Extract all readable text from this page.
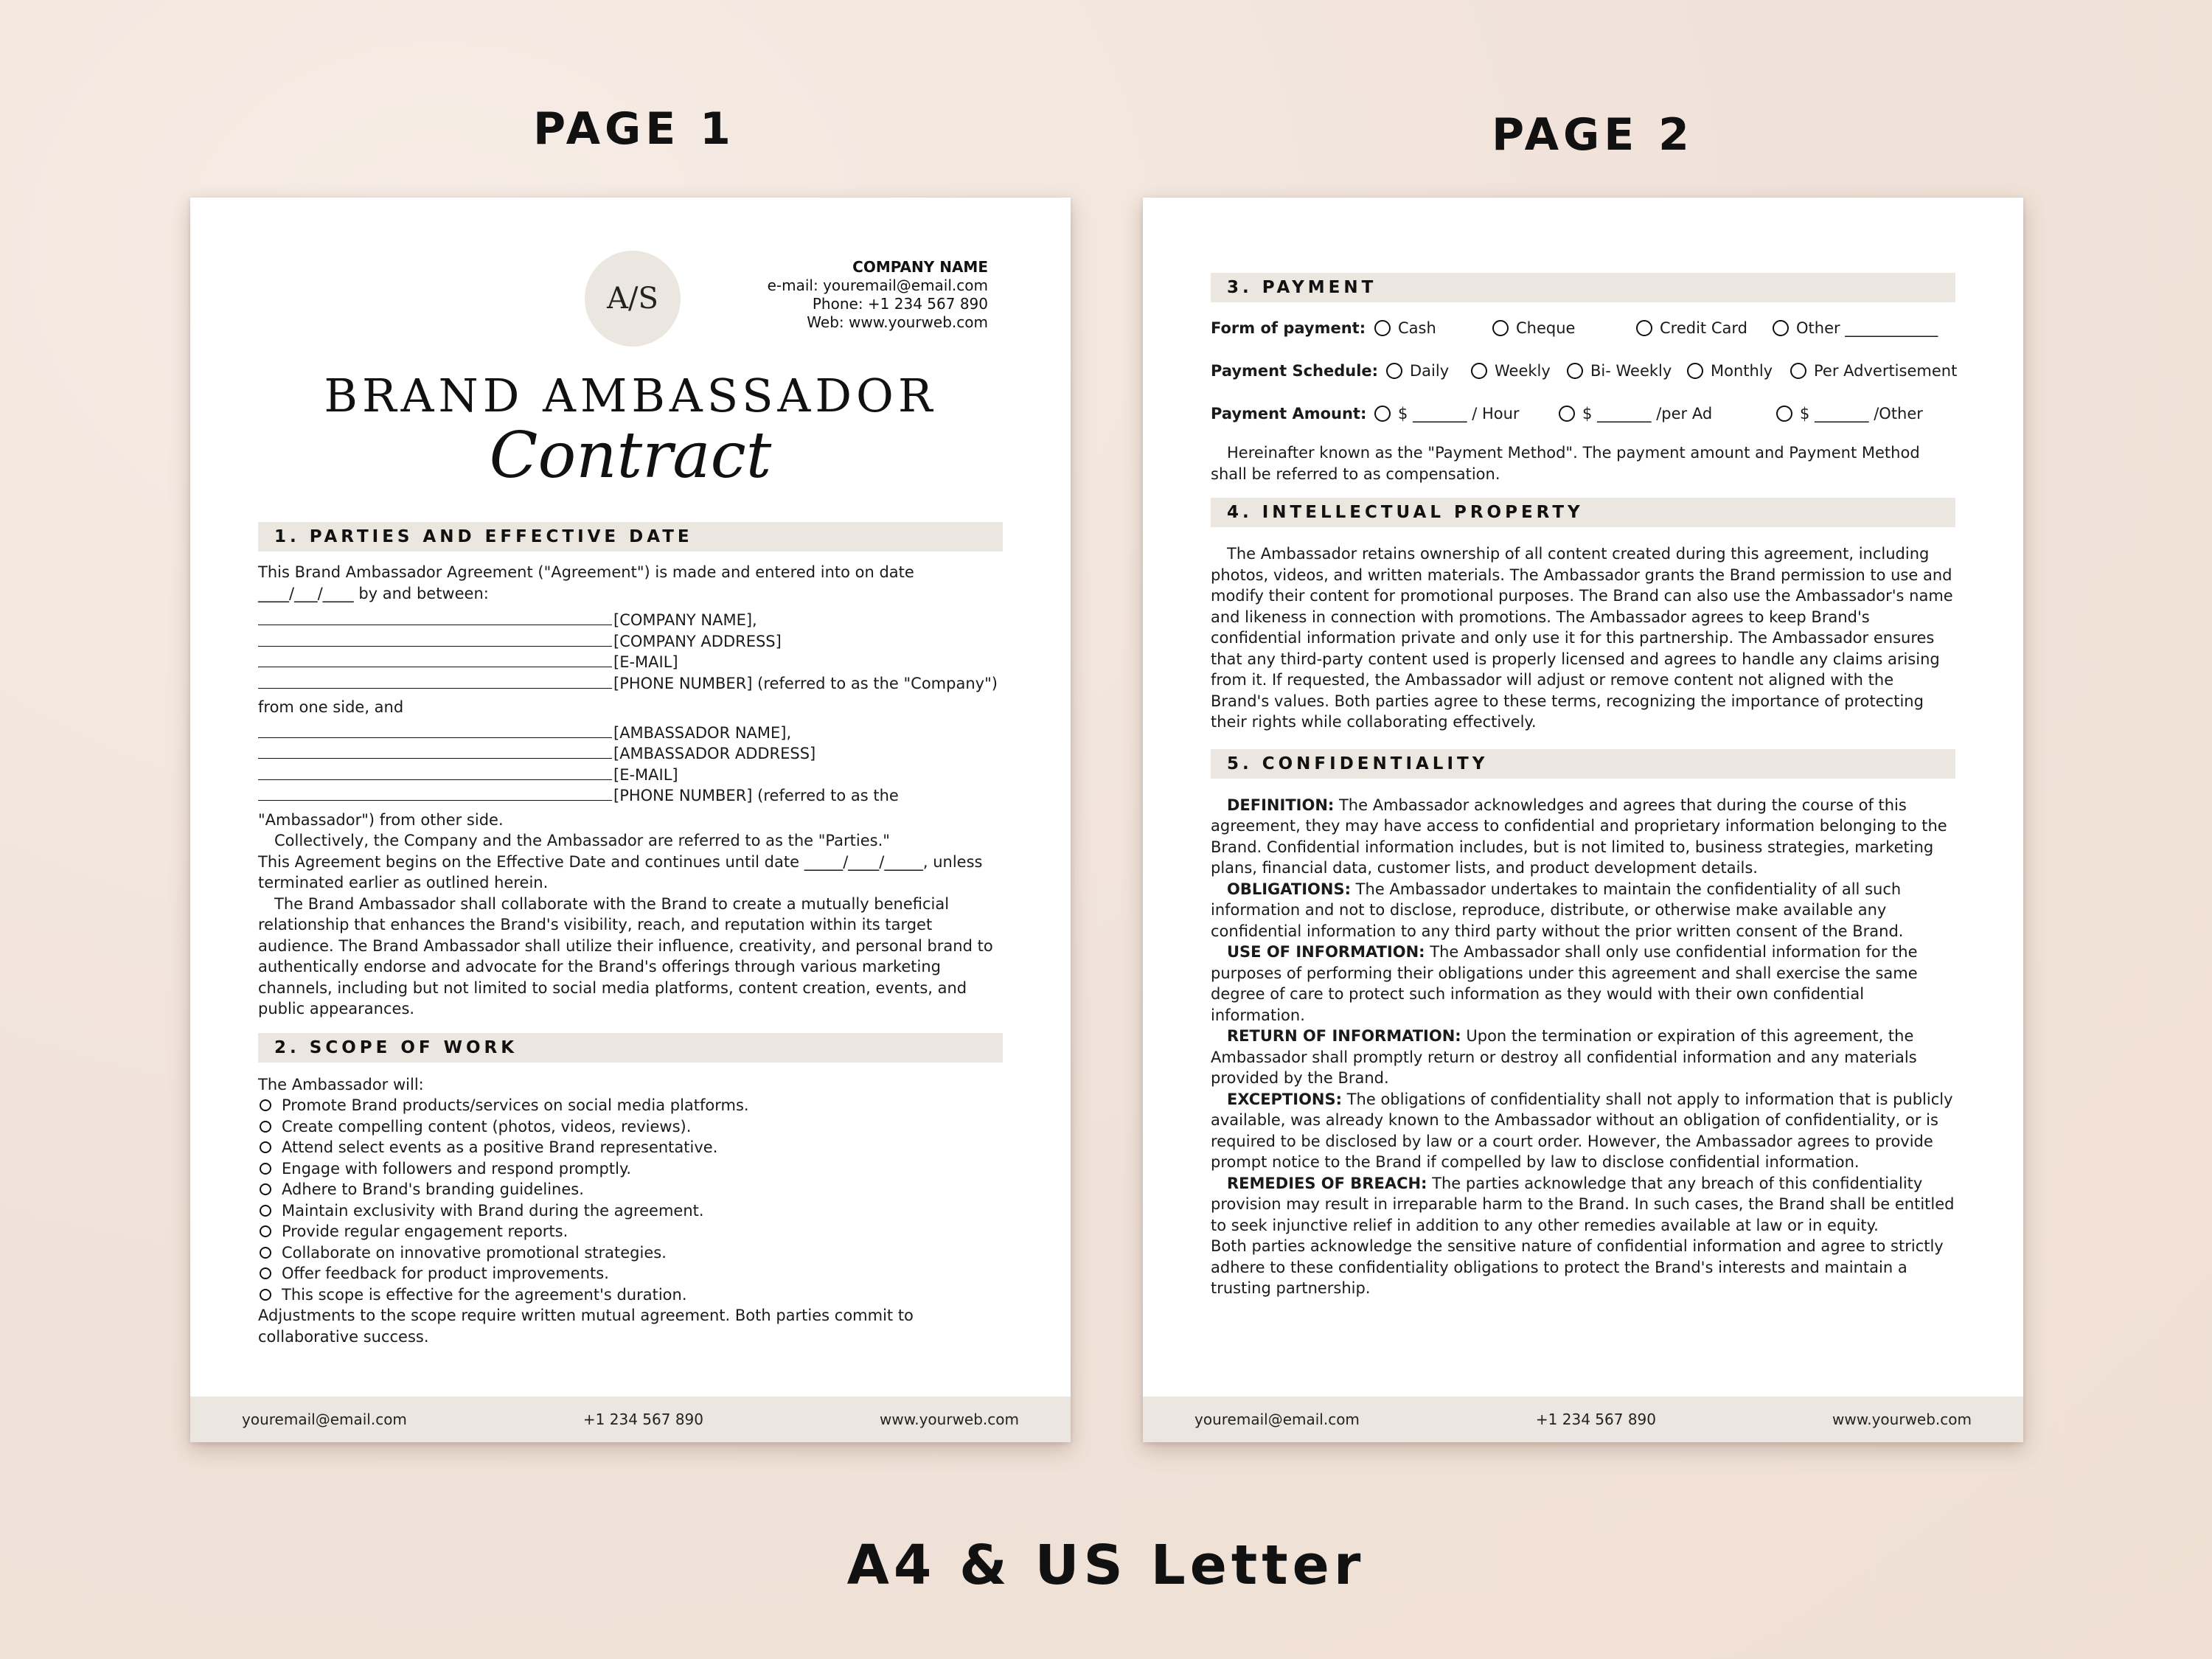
PAGE 1	PAGE 2
A/S
COMPANY NAME
e-mail: youremail@email.com
Phone: +1 234 567 890
Web: www.yourweb.com
BRAND AMBASSADOR
Contract
1. PARTIES AND EFFECTIVE DATE

This Brand Ambassador Agreement ("Agreement") is made and entered into on date ____/___/____ by and between:

[COMPANY NAME],
[COMPANY ADDRESS]
[E-MAIL]
[PHONE NUMBER] (referred to as the "Company")

from one side, and

[AMBASSADOR NAME],
[AMBASSADOR ADDRESS]
[E-MAIL]
[PHONE NUMBER] (referred to as the

"Ambassador") from other side.

Collectively, the Company and the Ambassador are referred to as the "Parties."

This Agreement begins on the Effective Date and continues until date _____/____/_____, unless terminated earlier as outlined herein.

The Brand Ambassador shall collaborate with the Brand to create a mutually beneficial relationship that enhances the Brand's visibility, reach, and reputation within its target audience. The Brand Ambassador shall utilize their influence, creativity, and personal brand to authentically endorse and advocate for the Brand's offerings through various marketing channels, including but not limited to social media platforms, content creation, events, and public appearances.

2. SCOPE OF WORK

The Ambassador will:

Promote Brand products/services on social media platforms.
Create compelling content (photos, videos, reviews).
Attend select events as a positive Brand representative.
Engage with followers and respond promptly.
Adhere to Brand's branding guidelines.
Maintain exclusivity with Brand during the agreement.
Provide regular engagement reports.
Collaborate on innovative promotional strategies.
Offer feedback for product improvements.
This scope is effective for the agreement's duration.

Adjustments to the scope require written mutual agreement. Both parties commit to collaborative success.

youremail@email.com	+1 234 567 890	www.yourweb.com
3. PAYMENT
Form of payment:	Cash	Cheque	Credit Card	Other ____________
Payment Schedule:	Daily	Weekly	Bi- Weekly	Monthly	Per Advertisement
Payment Amount:	$ _______ / Hour	$ _______ /per Ad	$ _______ /Other

Hereinafter known as the "Payment Method". The payment amount and Payment Method shall be referred to as compensation.

4. INTELLECTUAL PROPERTY

The Ambassador retains ownership of all content created during this agreement, including photos, videos, and written materials. The Ambassador grants the Brand permission to use and modify their content for promotional purposes. The Brand can also use the Ambassador's name and likeness in connection with promotions. The Ambassador agrees to keep Brand's confidential information private and only use it for this partnership. The Ambassador ensures that any third-party content used is properly licensed and agrees to handle any claims arising from it. If requested, the Ambassador will adjust or remove content not aligned with the Brand's values. Both parties agree to these terms, recognizing the importance of protecting their rights while collaborating effectively.

5. CONFIDENTIALITY

DEFINITION: The Ambassador acknowledges and agrees that during the course of this agreement, they may have access to confidential and proprietary information belonging to the Brand. Confidential information includes, but is not limited to, business strategies, marketing plans, financial data, customer lists, and product development details.

OBLIGATIONS: The Ambassador undertakes to maintain the confidentiality of all such information and not to disclose, reproduce, distribute, or otherwise make available any confidential information to any third party without the prior written consent of the Brand.

USE OF INFORMATION: The Ambassador shall only use confidential information for the purposes of performing their obligations under this agreement and shall exercise the same degree of care to protect such information as they would with their own confidential information.

RETURN OF INFORMATION: Upon the termination or expiration of this agreement, the Ambassador shall promptly return or destroy all confidential information and any materials provided by the Brand.

EXCEPTIONS: The obligations of confidentiality shall not apply to information that is publicly available, was already known to the Ambassador without an obligation of confidentiality, or is required to be disclosed by law or a court order. However, the Ambassador agrees to provide prompt notice to the Brand if compelled by law to disclose confidential information.

REMEDIES OF BREACH: The parties acknowledge that any breach of this confidentiality provision may result in irreparable harm to the Brand. In such cases, the Brand shall be entitled to seek injunctive relief in addition to any other remedies available at law or in equity.

Both parties acknowledge the sensitive nature of confidential information and agree to strictly adhere to these confidentiality obligations to protect the Brand's interests and maintain a trusting partnership.

youremail@email.com	+1 234 567 890	www.yourweb.com
A4 & US Letter
